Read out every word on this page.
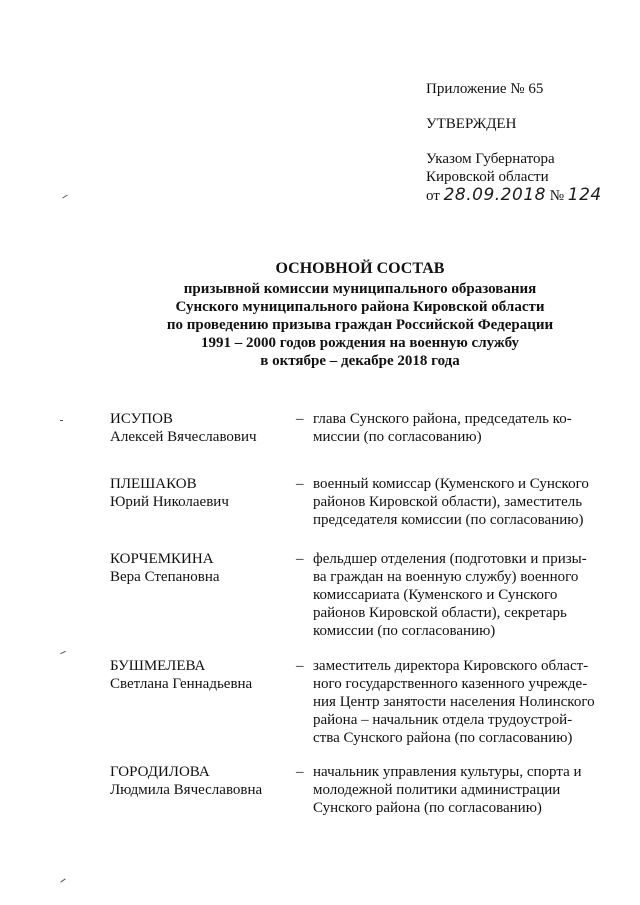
Приложение № 65
УТВЕРЖДЕН
Указом Губернатора
Кировской области
от 28.09.2018 № 124
ОСНОВНОЙ СОСТАВ
призывной комиссии муниципального образования
Сунского муниципального района Кировской области
по проведению призыва граждан Российской Федерации
1991 – 2000 годов рождения на военную службу
в октябре – декабре 2018 года
ИСУПОВ
Алексей Вячеславович
– глава Сунского района, председатель ко-
миссии (по согласованию)
ПЛЕШАКОВ
Юрий Николаевич
– военный комиссар (Куменского и Сунского
районов Кировской области), заместитель
председателя комиссии (по согласованию)
КОРЧЕМКИНА
Вера Степановна
– фельдшер отделения (подготовки и призы-
ва граждан на военную службу) военного
комиссариата (Куменского и Сунского
районов Кировской области), секретарь
комиссии (по согласованию)
БУШМЕЛЕВА
Светлана Геннадьевна
– заместитель директора Кировского област-
ного государственного казенного учрежде-
ния Центр занятости населения Нолинского
района – начальник отдела трудоустрой-
ства Сунского района (по согласованию)
ГОРОДИЛОВА
Людмила Вячеславовна
– начальник управления культуры, спорта и
молодежной политики администрации
Сунского района (по согласованию)
